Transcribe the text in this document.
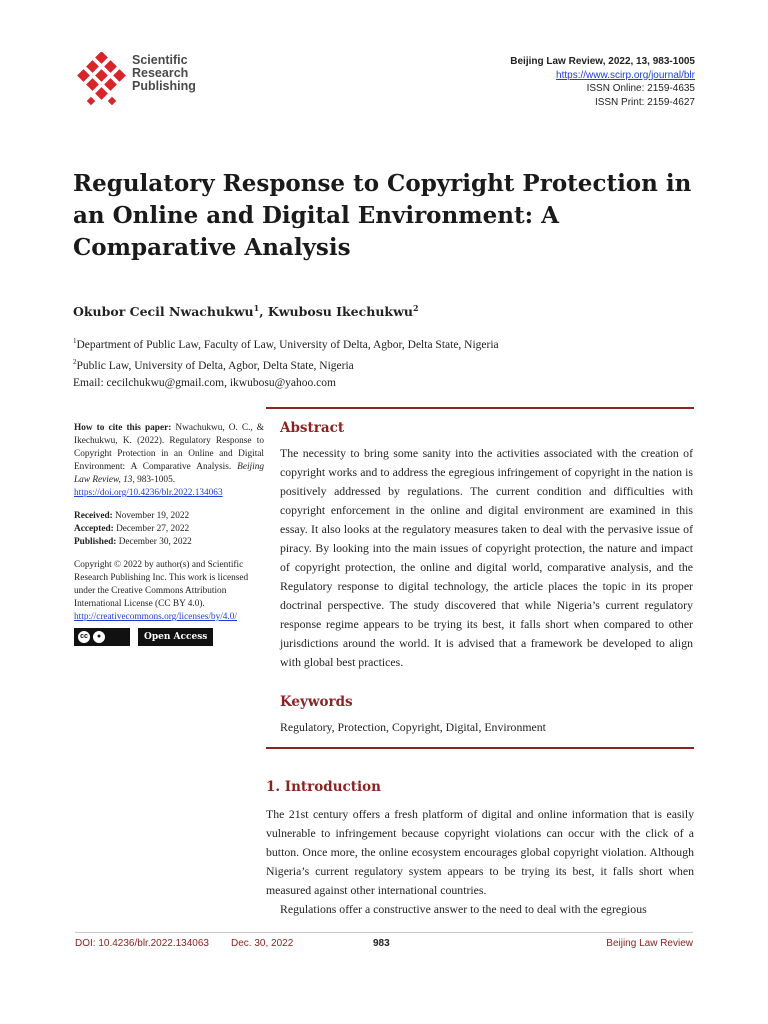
Scientific
Research
Publishing
Beijing Law Review, 2022, 13, 983-1005
https://www.scirp.org/journal/blr
ISSN Online: 2159-4635
ISSN Print: 2159-4627
Regulatory Response to Copyright Protection in an Online and Digital Environment: A Comparative Analysis
Okubor Cecil Nwachukwu$^1$, Kwubosu Ikechukwu$^2$
$^1$Department of Public Law, Faculty of Law, University of Delta, Agbor, Delta State, Nigeria
$^2$Public Law, University of Delta, Agbor, Delta State, Nigeria
Email: cecilchukwu@gmail.com, ikwubosu@yahoo.com

How to cite this paper: Nwachukwu, O. C., & Ikechukwu, K. (2022). Regulatory Response to Copyright Protection in an Online and Digital Environment: A Comparative Analysis. Beijing Law Review, 13, 983-1005.
https://doi.org/10.4236/blr.2022.134063

Received: November 19, 2022
Accepted: December 27, 2022
Published: December 30, 2022

Copyright © 2022 by author(s) and Scientific Research Publishing Inc. This work is licensed under the Creative Commons Attribution International License (CC BY 4.0).
http://creativecommons.org/licenses/by/4.0/

cc	●	Open Access
Abstract
The necessity to bring some sanity into the activities associated with the creation of copyright works and to address the egregious infringement of copyright in the nation is positively addressed by regulations. The current condition and difficulties with copyright enforcement in the online and digital environment are examined in this essay. It also looks at the regulatory measures taken to deal with the pervasive issue of piracy. By looking into the main issues of copyright protection, the nature and impact of copyright protection, the online and digital world, comparative analysis, and the Regulatory response to digital technology, the article places the topic in its proper doctrinal perspective. The study discovered that while Nigeria’s current regulatory response regime appears to be trying its best, it falls short when compared to other jurisdictions around the world. It is advised that a framework be developed to align with global best practices.
Keywords
Regulatory, Protection, Copyright, Digital, Environment
1. Introduction
The 21st century offers a fresh platform of digital and online information that is easily vulnerable to infringement because copyright violations can occur with the click of a button. Once more, the online ecosystem encourages global copyright violation. Although Nigeria’s current regulatory system appears to be trying its best, it falls short when measured against other international countries.
Regulations offer a constructive answer to the need to deal with the egregious
DOI: 10.4236/blr.2022.134063 Dec. 30, 2022	983	Beijing Law Review
